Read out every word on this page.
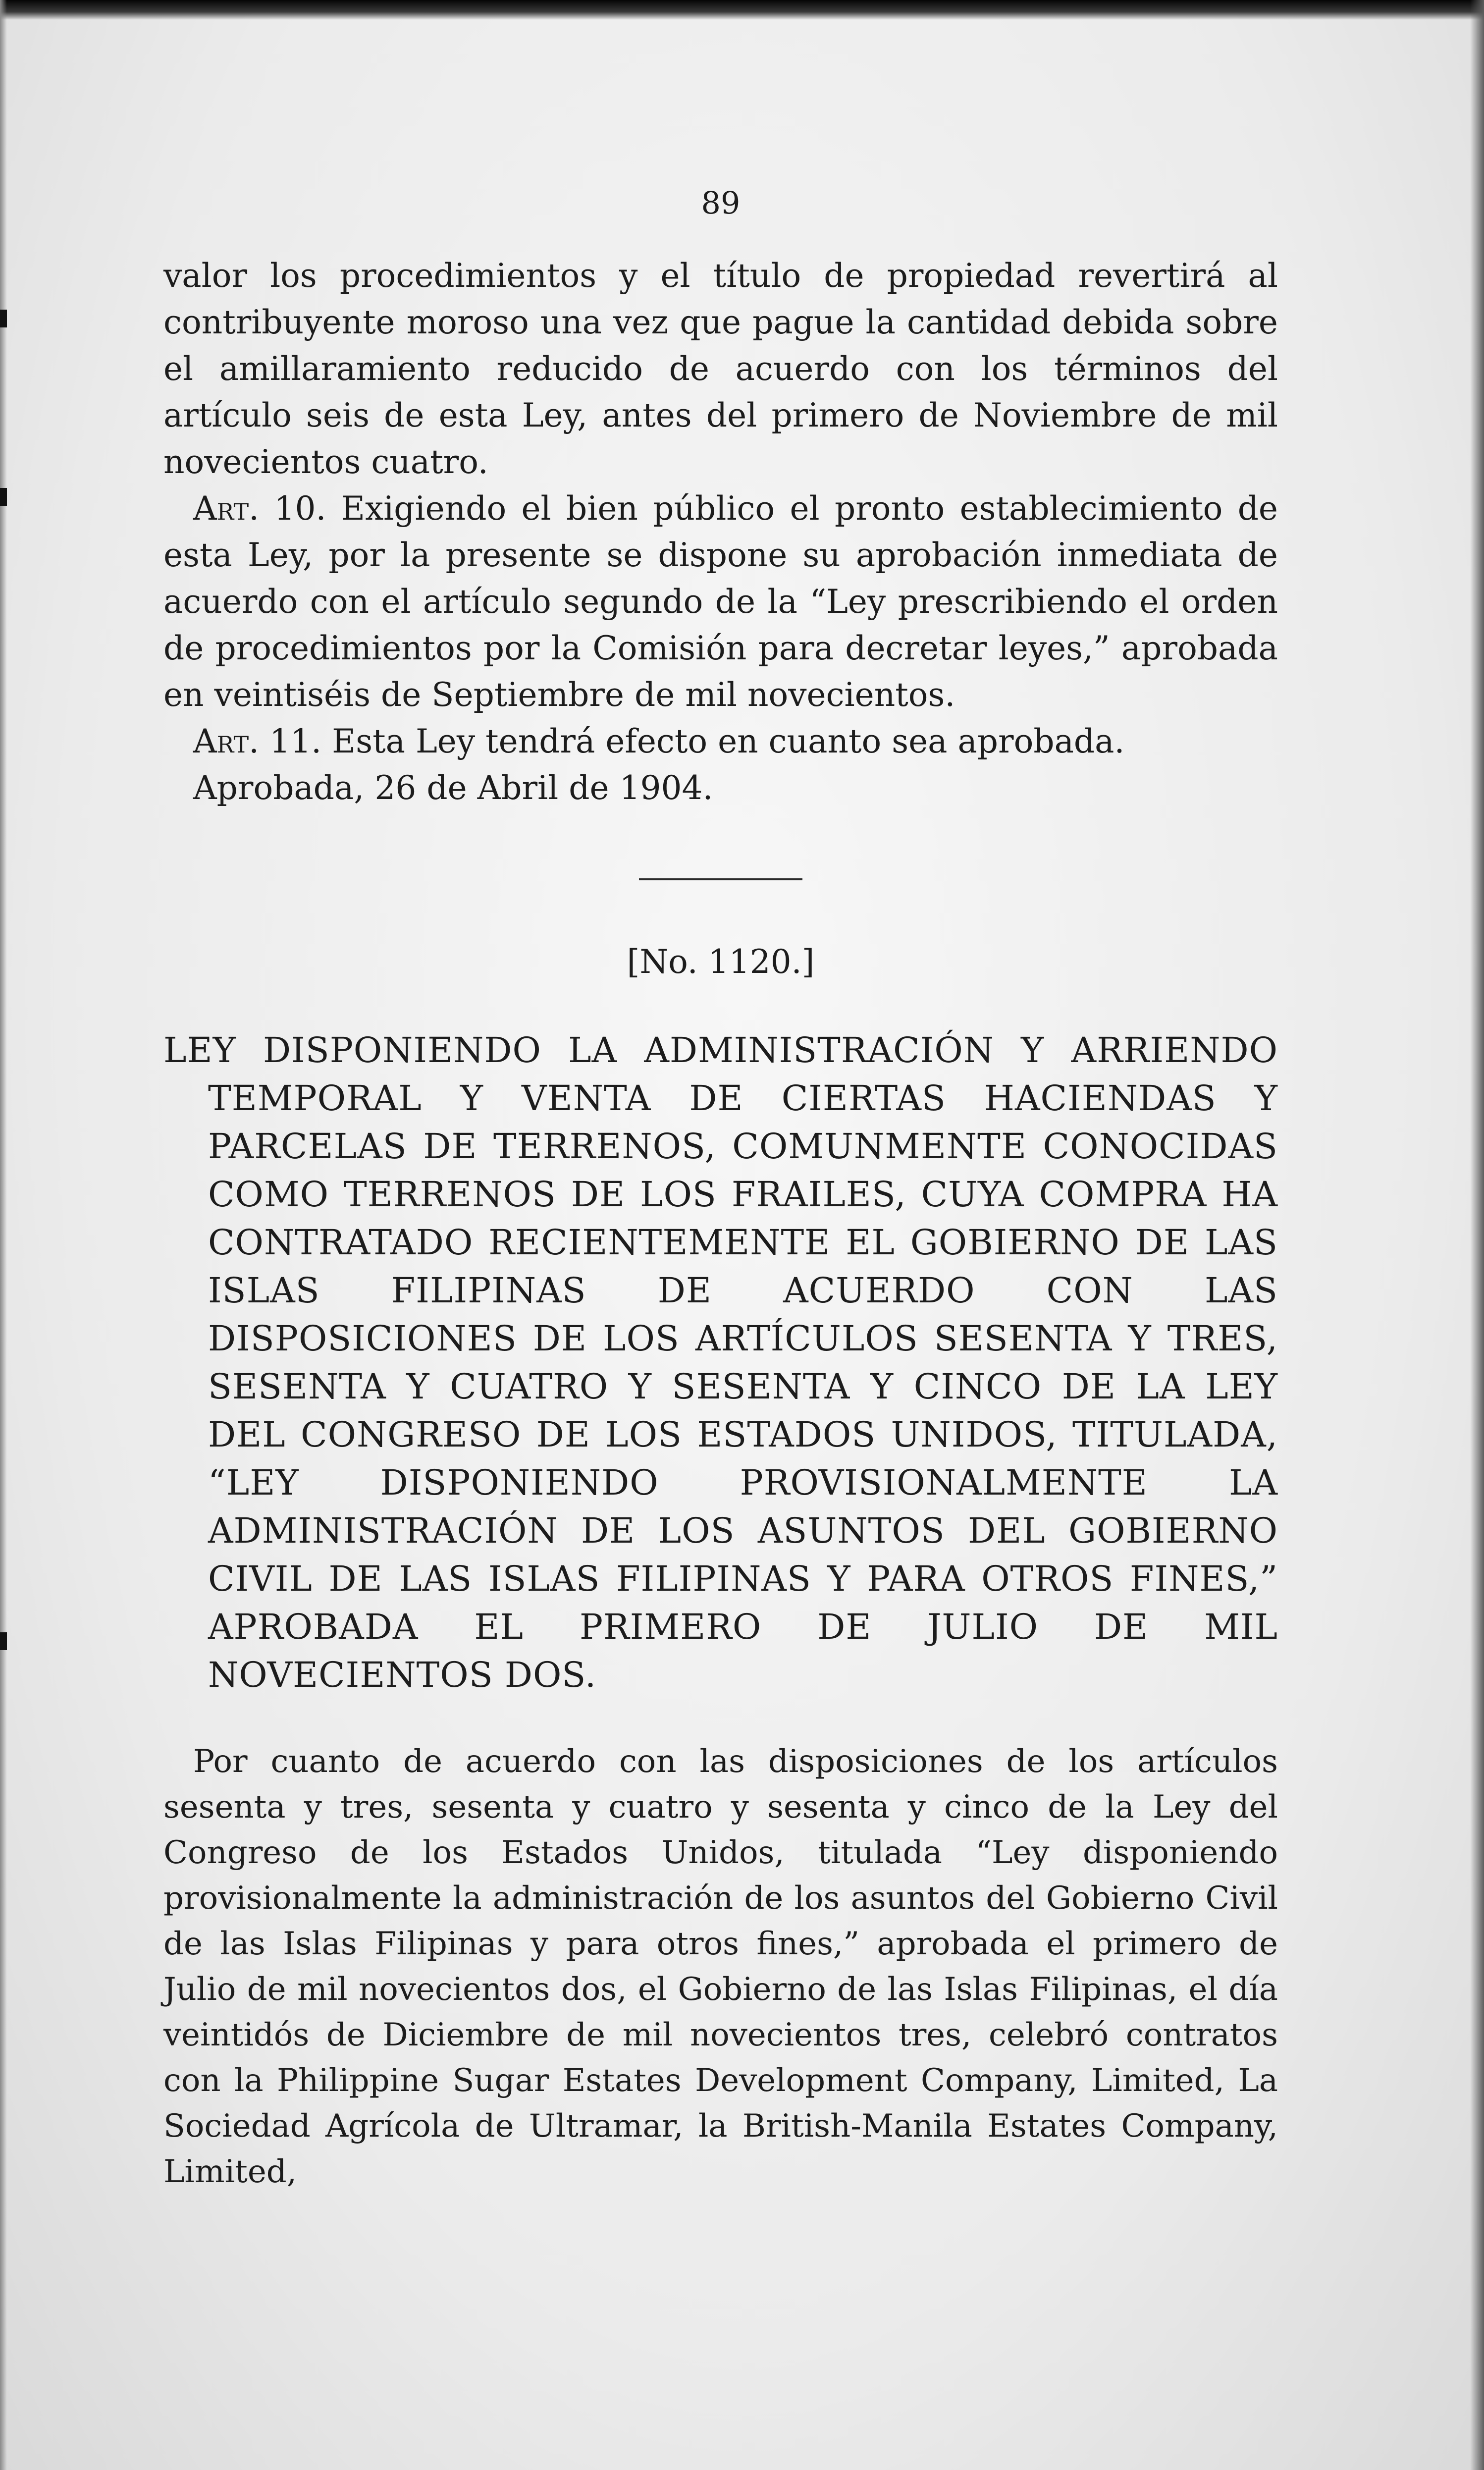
89

valor los procedimientos y el título de propiedad revertirá al contribuyente moroso una vez que pague la cantidad debida sobre el amillaramiento reducido de acuerdo con los términos del artículo seis de esta Ley, antes del primero de Noviembre de mil novecientos cuatro.

Art. 10. Exigiendo el bien público el pronto establecimiento de esta Ley, por la presente se dispone su aprobación inmediata de acuerdo con el artículo segundo de la “Ley prescribiendo el orden de procedimientos por la Comisión para decretar leyes,” aprobada en veintiséis de Septiembre de mil novecientos.

Art. 11. Esta Ley tendrá efecto en cuanto sea aprobada.

Aprobada, 26 de Abril de 1904.

[No. 1120.]
LEY DISPONIENDO LA ADMINISTRACIÓN Y ARRIENDO TEMPORAL Y VENTA DE CIERTAS HACIENDAS Y PARCELAS DE TERRENOS, COMUNMENTE CONOCIDAS COMO TERRENOS DE LOS FRAILES, CUYA COMPRA HA CONTRATADO RECIENTEMENTE EL GOBIERNO DE LAS ISLAS FILIPINAS DE ACUERDO CON LAS DISPOSICIONES DE LOS ARTÍCULOS SESENTA Y TRES, SESENTA Y CUATRO Y SESENTA Y CINCO DE LA LEY DEL CONGRESO DE LOS ESTADOS UNIDOS, TITULADA, “LEY DISPONIENDO PROVISIONALMENTE LA ADMINISTRACIÓN DE LOS ASUNTOS DEL GOBIERNO CIVIL DE LAS ISLAS FILIPINAS Y PARA OTROS FINES,” APROBADA EL PRIMERO DE JULIO DE MIL NOVECIENTOS DOS.

Por cuanto de acuerdo con las disposiciones de los artículos sesenta y tres, sesenta y cuatro y sesenta y cinco de la Ley del Congreso de los Estados Unidos, titulada “Ley disponiendo provisionalmente la administración de los asuntos del Gobierno Civil de las Islas Filipinas y para otros fines,” aprobada el primero de Julio de mil novecientos dos, el Gobierno de las Islas Filipinas, el día veintidós de Diciembre de mil novecientos tres, celebró contratos con la Philippine Sugar Estates Development Company, Limited, La Sociedad Agrícola de Ultramar, la British-Manila Estates Company, Limited,
